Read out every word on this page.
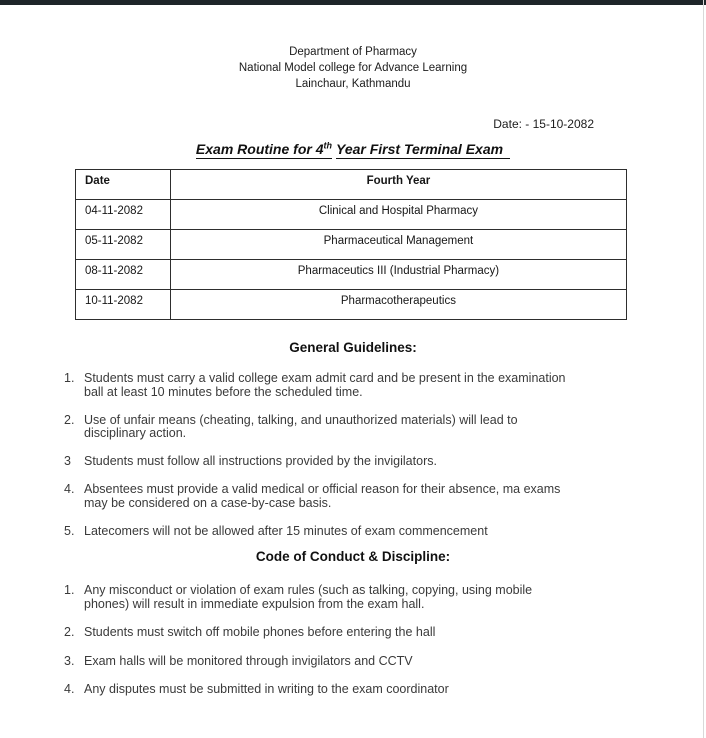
Department of Pharmacy
National Model college for Advance Learning
Lainchaur, Kathmandu
Date: - 15-10-2082
Exam Routine for 4th Year First Terminal Exam
Date	Fourth Year
04-11-2082	Clinical and Hospital Pharmacy
05-11-2082	Pharmaceutical Management
08-11-2082	Pharmaceutics III (Industrial Pharmacy)
10-11-2082	Pharmacotherapeutics
General Guidelines:
1. Students must carry a valid college exam admit card and be present in the examination
ball at least 10 minutes before the scheduled time.
2. Use of unfair means (cheating, talking, and unauthorized materials) will lead to
disciplinary action.
3	Students must follow all instructions provided by the invigilators.
4. Absentees must provide a valid medical or official reason for their absence, ma exams
may be considered on a case-by-case basis.
5. Latecomers will not be allowed after 15 minutes of exam commencement
Code of Conduct & Discipline:
1. Any misconduct or violation of exam rules (such as talking, copying, using mobile
phones) will result in immediate expulsion from the exam hall.
2. Students must switch off mobile phones before entering the hall
3. Exam halls will be monitored through invigilators and CCTV
4. Any disputes must be submitted in writing to the exam coordinator
